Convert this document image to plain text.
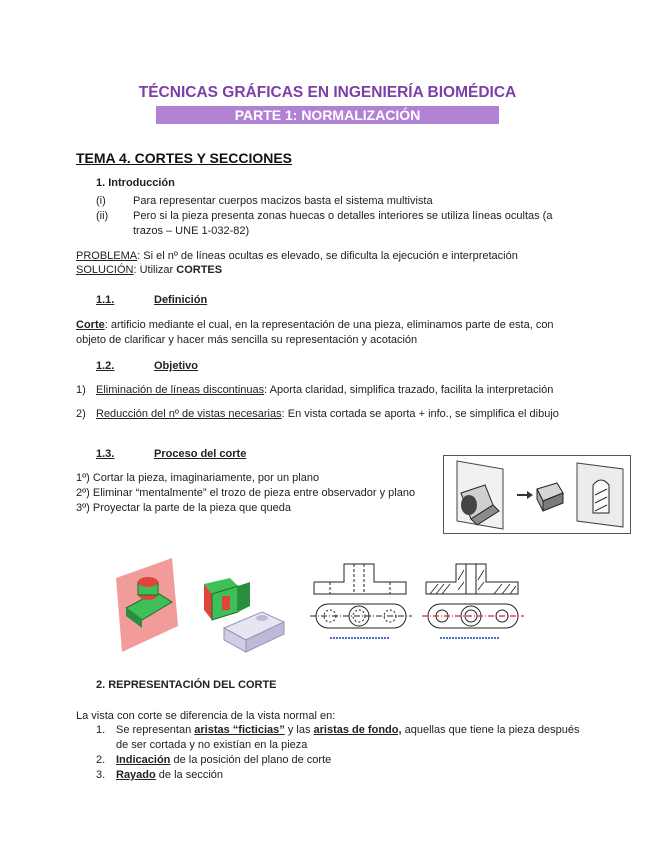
TÉCNICAS GRÁFICAS EN INGENIERÍA BIOMÉDICA
PARTE 1: NORMALIZACIÓN
TEMA 4. CORTES Y SECCIONES
1. Introducción
(i) Para representar cuerpos macizos basta el sistema multivista
(ii) Pero si la pieza presenta zonas huecas o detalles interiores se utiliza líneas ocultas (a
trazos – UNE 1-032-82)
PROBLEMA: Si el nº de líneas ocultas es elevado, se dificulta la ejecución e interpretación
SOLUCIÓN: Utilizar CORTES
1.1.	Definición
Corte: artificio mediante el cual, en la representación de una pieza, eliminamos parte de esta, con
objeto de clarificar y hacer más sencilla su representación y acotación
1.2.	Objetivo
1) Eliminación de líneas discontinuas: Aporta claridad, simplifica trazado, facilita la interpretación
2) Reducción del nº de vistas necesarias: En vista cortada se aporta + info., se simplifica el dibujo
1.3.	Proceso del corte
1º) Cortar la pieza, imaginariamente, por un plano
2º) Eliminar “mentalmente” el trozo de pieza entre observador y plano
3º) Proyectar la parte de la pieza que queda
2. REPRESENTACIÓN DEL CORTE
La vista con corte se diferencia de la vista normal en:
1. Se representan aristas “ficticias” y las aristas de fondo, aquellas que tiene la pieza después
de ser cortada y no existían en la pieza
2. Indicación de la posición del plano de corte
3. Rayado de la sección
